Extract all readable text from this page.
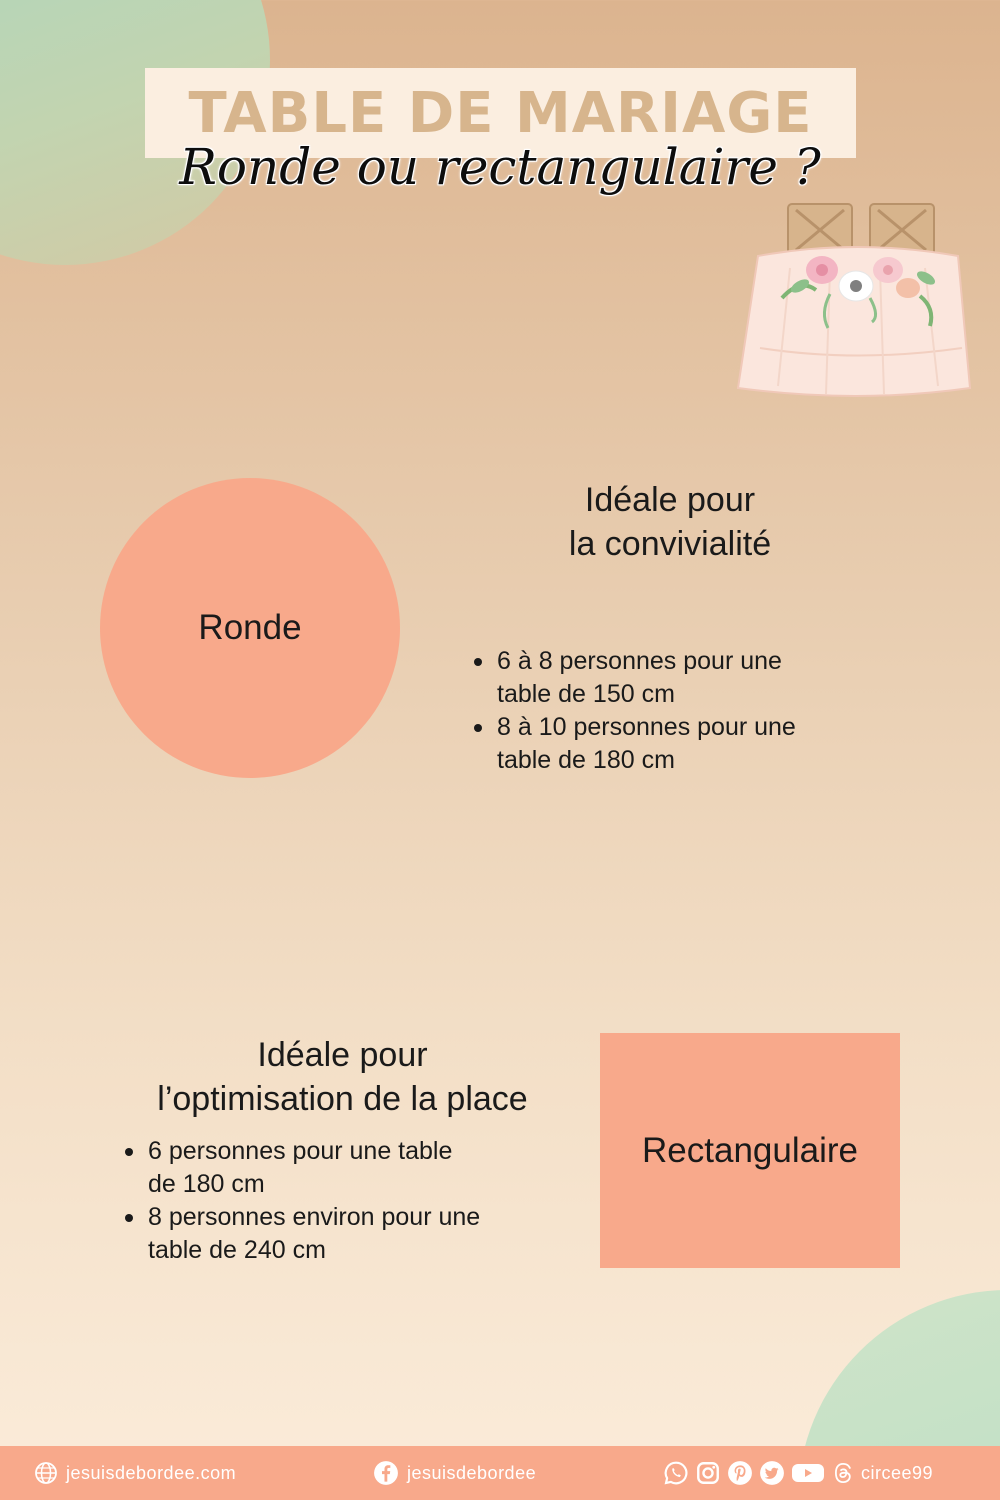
TABLE DE MARIAGE
Ronde ou rectangulaire ?
Ronde
Idéale pour
la convivialité
6 à 8 personnes pour une
table de 150 cm
8 à 10 personnes pour une
table de 180 cm
Idéale pour
l’optimisation de la place
6 personnes pour une table
de 180 cm
8 personnes environ pour une
table de 240 cm
Rectangulaire
jesuisdebordee.com	jesuisdebordee	circee99
